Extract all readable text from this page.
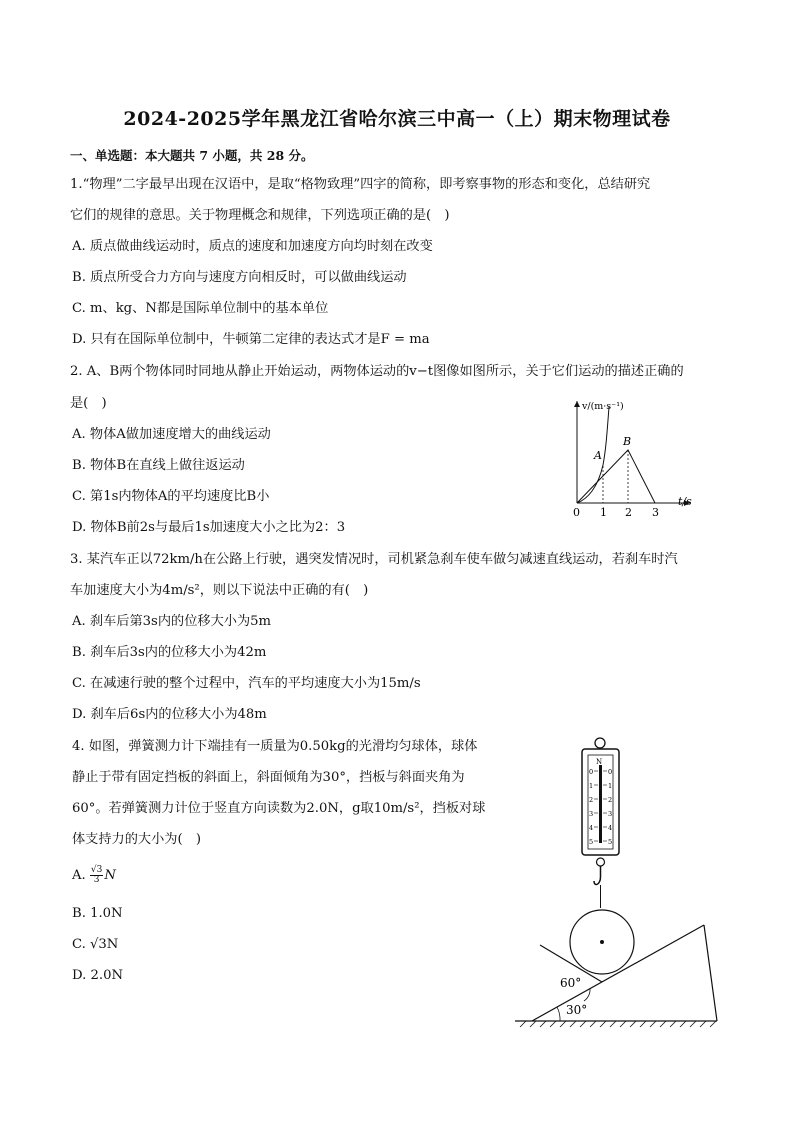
2024-2025学年黑龙江省哈尔滨三中高一（上）期末物理试卷
一、单选题：本大题共 7 小题，共 28 分。
1.“物理”二字最早出现在汉语中，是取“格物致理”四字的简称，即考察事物的形态和变化，总结研究
它们的规律的意思。关于物理概念和规律，下列选项正确的是(　)
A. 质点做曲线运动时，质点的速度和加速度方向均时刻在改变
B. 质点所受合力方向与速度方向相反时，可以做曲线运动
C. m、kg、N都是国际单位制中的基本单位
D. 只有在国际单位制中，牛顿第二定律的表达式才是F = ma
2. A、B两个物体同时同地从静止开始运动，两物体运动的v−t图像如图所示，关于它们运动的描述正确的
是(　)
A. 物体A做加速度增大的曲线运动
B. 物体B在直线上做往返运动
C. 第1s内物体A的平均速度比B小
D. 物体B前2s与最后1s加速度大小之比为2：3
v/(m·s⁻¹)
t/s
A
B
0 1 2 3
3. 某汽车正以72km/h在公路上行驶，遇突发情况时，司机紧急刹车使车做匀减速直线运动，若刹车时汽
车加速度大小为4m/s²，则以下说法中正确的有(　)
A. 刹车后第3s内的位移大小为5m
B. 刹车后3s内的位移大小为42m
C. 在减速行驶的整个过程中，汽车的平均速度大小为15m/s
D. 刹车后6s内的位移大小为48m
4. 如图，弹簧测力计下端挂有一质量为0.50kg的光滑均匀球体，球体
静止于带有固定挡板的斜面上，斜面倾角为30°，挡板与斜面夹角为
60°。若弹簧测力计位于竖直方向读数为2.0N，g取10m/s²，挡板对球
体支持力的大小为(　)
A. $\frac{√3}{3}$ N
B. 1.0N
C. √3N
D. 2.0N
N
0
1
2
3
4
5
0
1
2
3
4
5
60°
30°
